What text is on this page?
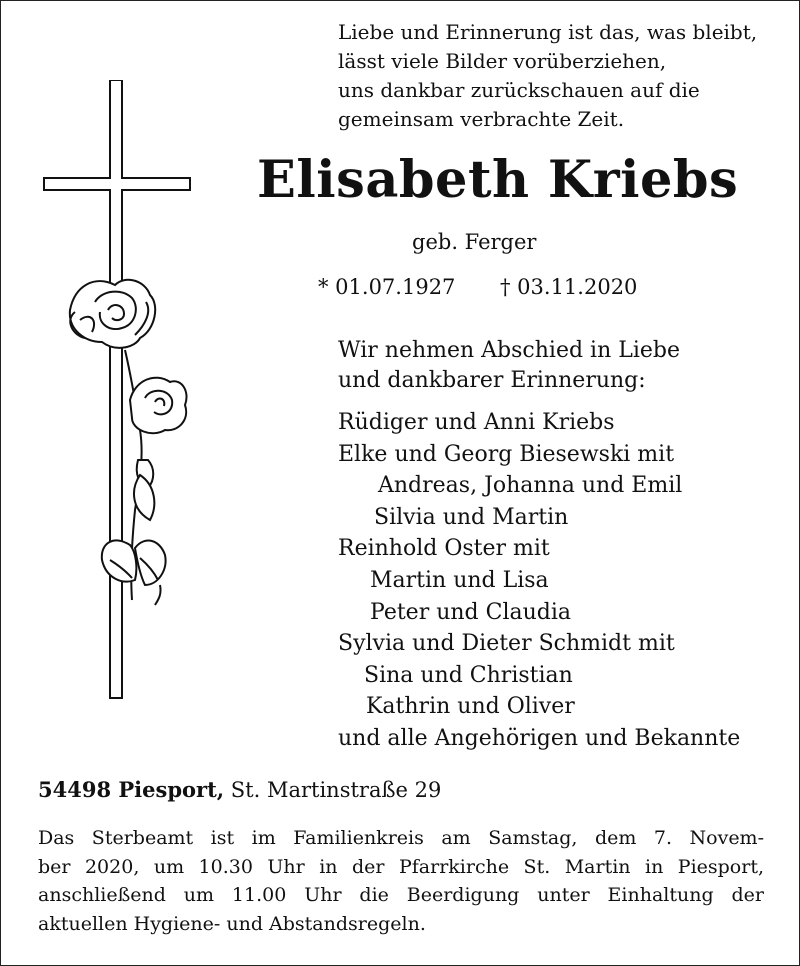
Liebe und Erinnerung ist das, was bleibt,
lässt viele Bilder vorüberziehen,
uns dankbar zurückschauen auf die
gemeinsam verbrachte Zeit.
Elisabeth Kriebs
geb. Ferger
* 01.07.1927 † 03.11.2020
Wir nehmen Abschied in Liebe
und dankbarer Erinnerung:
Rüdiger und Anni Kriebs
Elke und Georg Biesewski mit
Andreas, Johanna und Emil
Silvia und Martin
Reinhold Oster mit
Martin und Lisa
Peter und Claudia
Sylvia und Dieter Schmidt mit
Sina und Christian
Kathrin und Oliver
und alle Angehörigen und Bekannte
54498 Piesport, St. Martinstraße 29
Das Sterbeamt ist im Familienkreis am Samstag, dem 7. Novem-
ber 2020, um 10.30 Uhr in der Pfarrkirche St. Martin in Piesport,
anschließend um 11.00 Uhr die Beerdigung unter Einhaltung der
aktuellen Hygiene- und Abstandsregeln.
